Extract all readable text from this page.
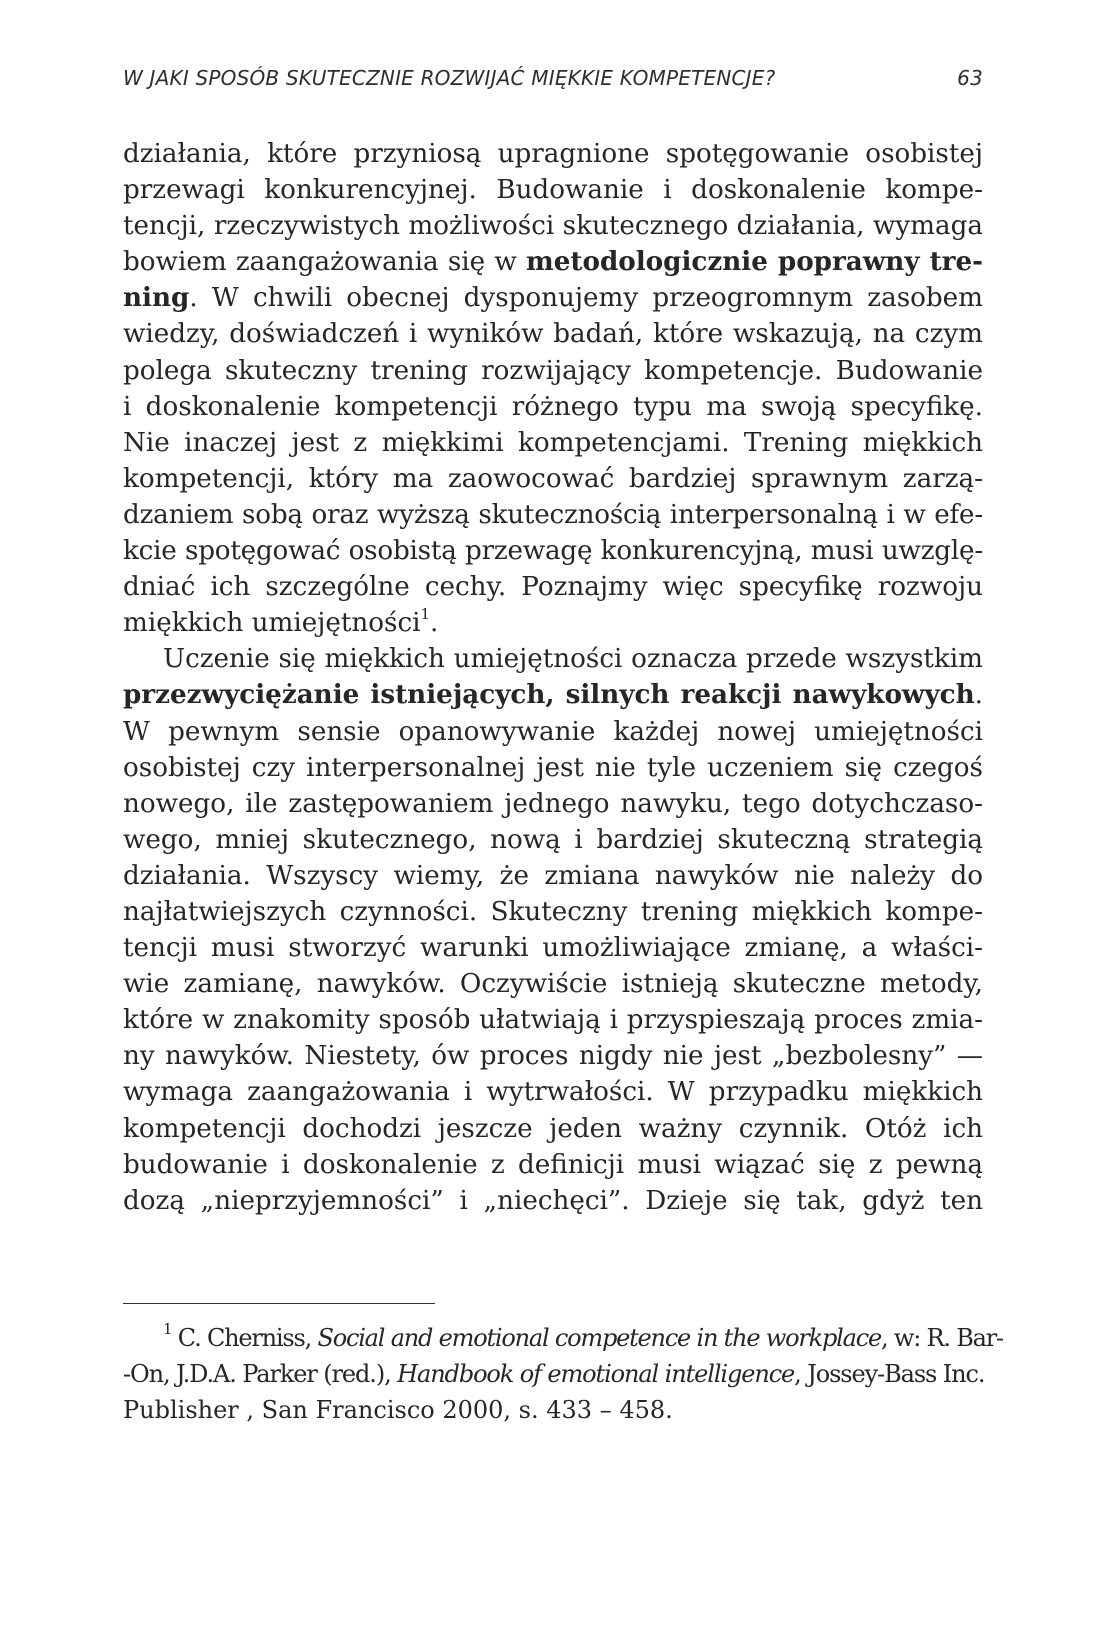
W JAKI SPOSÓB SKUTECZNIE ROZWIJAĆ MIĘKKIE KOMPETENCJE?	63
działania, które przyniosą upragnione spotęgowanie osobistej
przewagi konkurencyjnej. Budowanie i doskonalenie kompe-
tencji, rzeczywistych możliwości skutecznego działania, wymaga
bowiem zaangażowania się w metodologicznie poprawny tre-
ning. W chwili obecnej dysponujemy przeogromnym zasobem
wiedzy, doświadczeń i wyników badań, które wskazują, na czym
polega skuteczny trening rozwijający kompetencje. Budowanie
i doskonalenie kompetencji różnego typu ma swoją specyfikę.
Nie inaczej jest z miękkimi kompetencjami. Trening miękkich
kompetencji, który ma zaowocować bardziej sprawnym zarzą-
dzaniem sobą oraz wyższą skutecznością interpersonalną i w efe-
kcie spotęgować osobistą przewagę konkurencyjną, musi uwzglę-
dniać ich szczególne cechy. Poznajmy więc specyfikę rozwoju
miękkich umiejętności$^1$.
Uczenie się miękkich umiejętności oznacza przede wszystkim
przezwyciężanie istniejących, silnych reakcji nawykowych.
W pewnym sensie opanowywanie każdej nowej umiejętności
osobistej czy interpersonalnej jest nie tyle uczeniem się czegoś
nowego, ile zastępowaniem jednego nawyku, tego dotychczaso-
wego, mniej skutecznego, nową i bardziej skuteczną strategią
działania. Wszyscy wiemy, że zmiana nawyków nie należy do
najłatwiejszych czynności. Skuteczny trening miękkich kompe-
tencji musi stworzyć warunki umożliwiające zmianę, a właści-
wie zamianę, nawyków. Oczywiście istnieją skuteczne metody,
które w znakomity sposób ułatwiają i przyspieszają proces zmia-
ny nawyków. Niestety, ów proces nigdy nie jest „bezbolesny” —
wymaga zaangażowania i wytrwałości. W przypadku miękkich
kompetencji dochodzi jeszcze jeden ważny czynnik. Otóż ich
budowanie i doskonalenie z definicji musi wiązać się z pewną
dozą „nieprzyjemności” i „niechęci”. Dzieje się tak, gdyż ten
$^1$ C. Cherniss, Social and emotional competence in the workplace, w: R. Bar-
-On, J.D.A. Parker (red.), Handbook of emotional intelligence, Jossey-Bass Inc.
Publisher , San Francisco 2000, s. 433 – 458.
